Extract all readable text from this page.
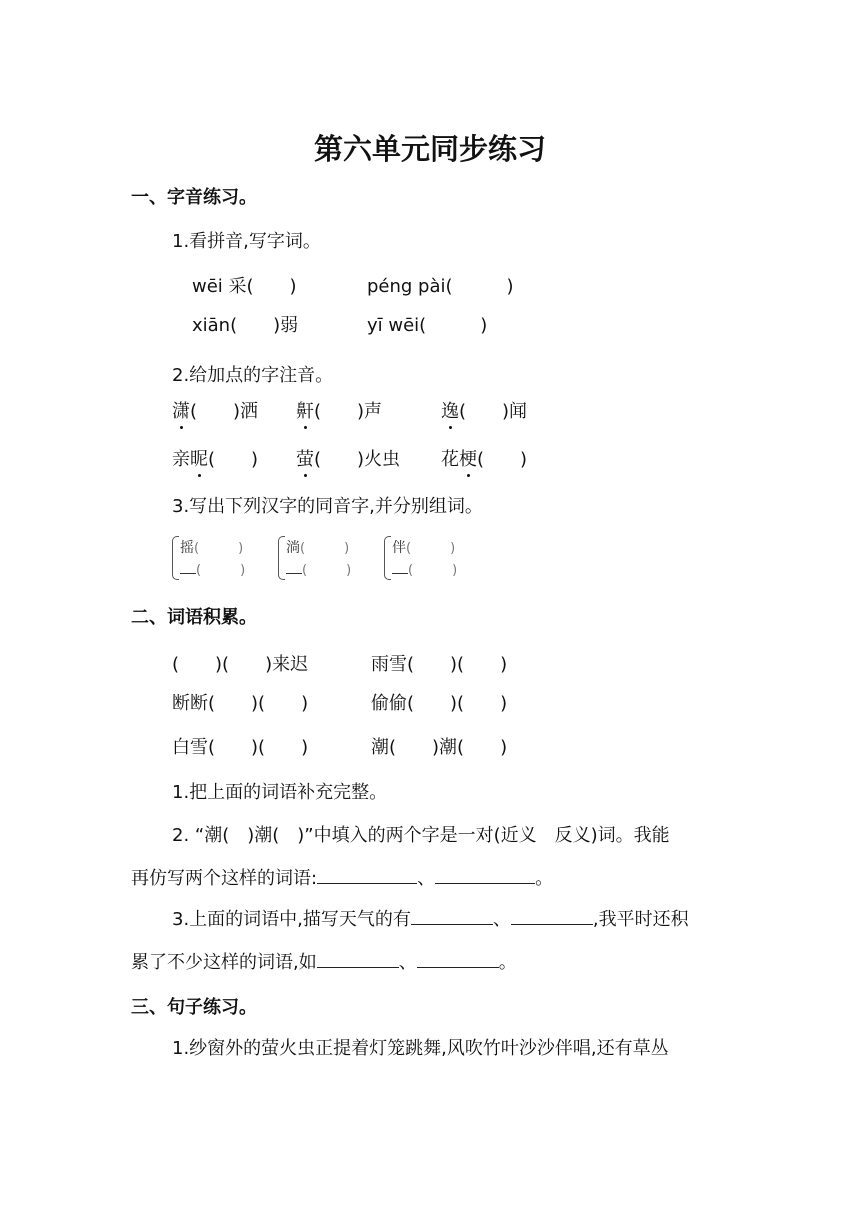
第六单元同步练习
一、字音练习。
1.看拼音,写字词。
wēi 采(　　)	péng pài(　　　)
xiān(　　)弱	yī wēi(　　　)
2.给加点的字注音。
潇(　　)洒 鼾(　　)声	逸(　　)闻
亲昵(　　) 萤(　　)火虫 花梗(　　)
3.写出下列汉字的同音字,并分别组词。
摇(　　　)
(　　　)
淌(　　　)
(　　　)
伴(　　　)
(　　　)
二、词语积累。
(　　)(　　)来迟	雨雪(　　)(　　)
断断(　　)(　　)	偷偷(　　)(　　)
白雪(　　)(　　)	潮(　　)潮(　　)
1.把上面的词语补充完整。
2. “潮(　)潮(　)”中填入的两个字是一对(近义　反义)词。我能
再仿写两个这样的词语:	、	。
3.上面的词语中,描写天气的有	、	,我平时还积
累了不少这样的词语,如	、	。
三、句子练习。
1.纱窗外的萤火虫正提着灯笼跳舞,风吹竹叶沙沙伴唱,还有草丛
